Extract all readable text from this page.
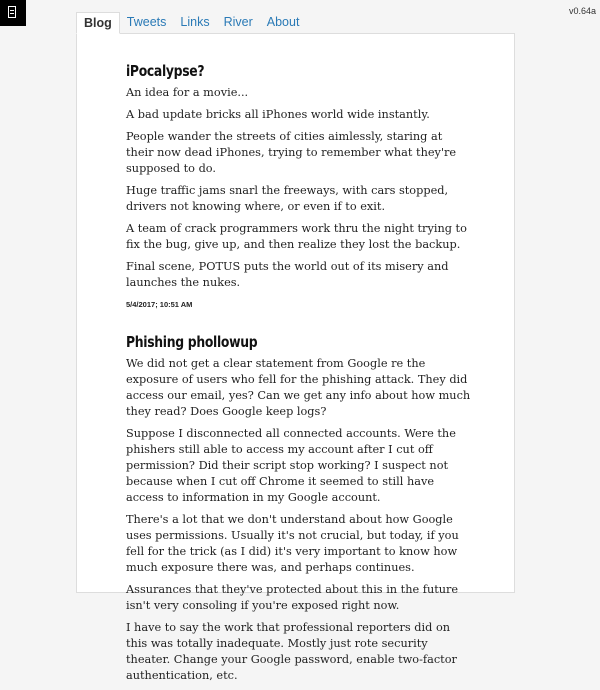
v0.64a
Blog	Tweets	Links	River	About
iPocalypse?

An idea for a movie...

A bad update bricks all iPhones world wide instantly.

People wander the streets of cities aimlessly, staring at their now dead iPhones, trying to remember what they're supposed to do.

Huge traffic jams snarl the freeways, with cars stopped, drivers not knowing where, or even if to exit.

A team of crack programmers work thru the night trying to fix the bug, give up, and then realize they lost the backup.

Final scene, POTUS puts the world out of its misery and launches the nukes.

5/4/2017; 10:51 AM
Phishing phollowup

We did not get a clear statement from Google re the exposure of users who fell for the phishing attack. They did access our email, yes? Can we get any info about how much they read? Does Google keep logs?

Suppose I disconnected all connected accounts. Were the phishers still able to access my account after I cut off permission? Did their script stop working? I suspect not because when I cut off Chrome it seemed to still have access to information in my Google account.

There's a lot that we don't understand about how Google uses permissions. Usually it's not crucial, but today, if you fell for the trick (as I did) it's very important to know how much exposure there was, and perhaps continues.

Assurances that they've protected about this in the future isn't very consoling if you're exposed right now.

I have to say the work that professional reporters did on this was totally inadequate. Mostly just rote security theater. Change your Google password, enable two-factor authentication, etc.
